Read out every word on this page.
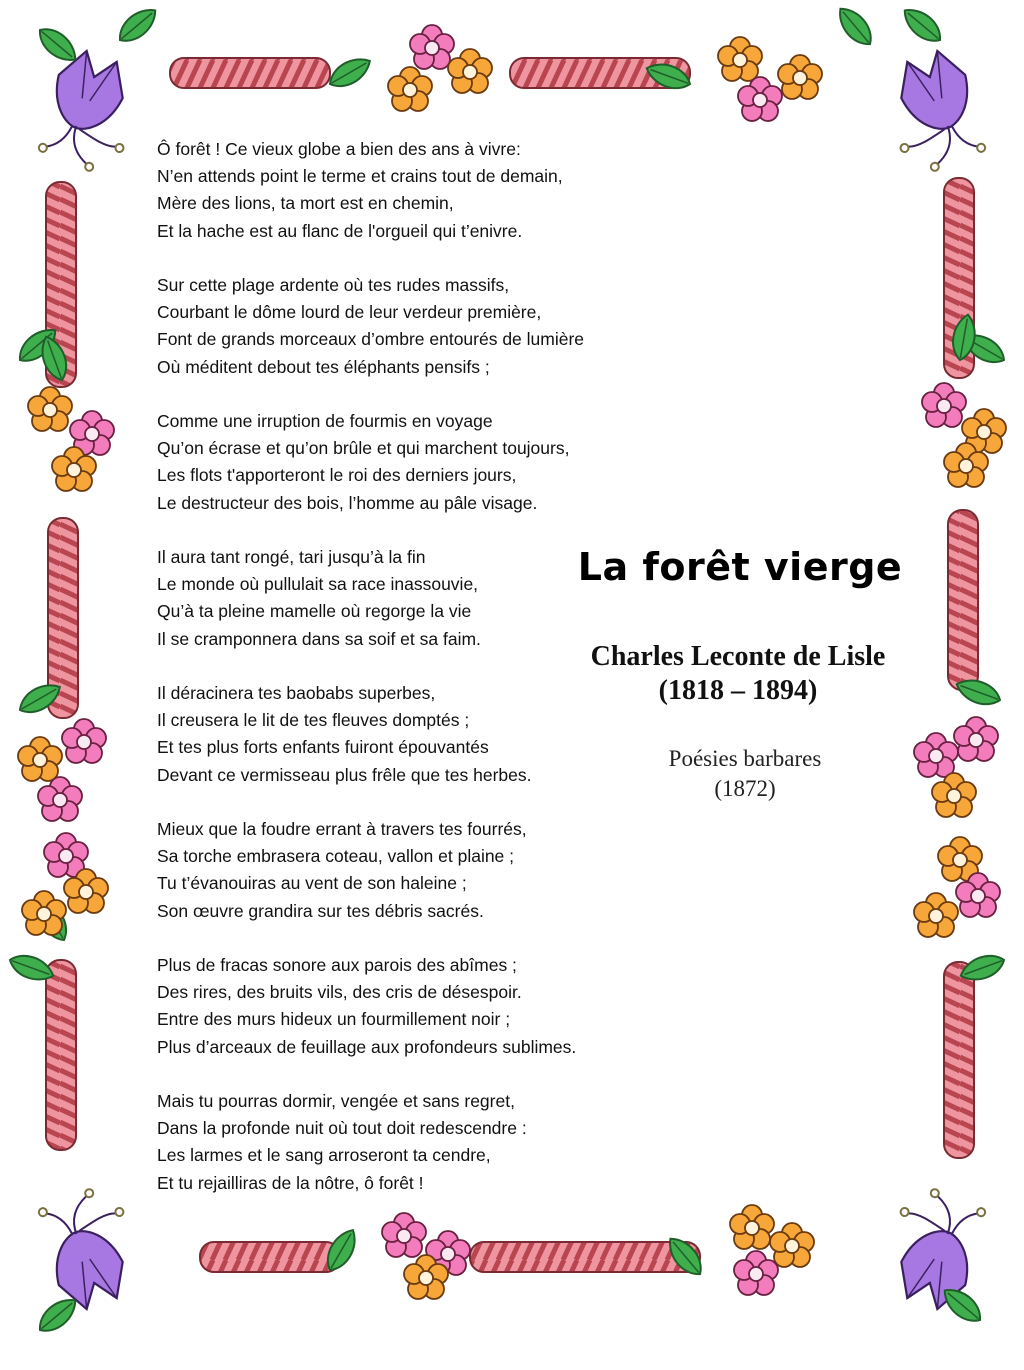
Ô forêt ! Ce vieux globe a bien des ans à vivre:
N’en attends point le terme et crains tout de demain,
Mère des lions, ta mort est en chemin,
Et la hache est au flanc de l'orgueil qui t’enivre.
Sur cette plage ardente où tes rudes massifs,
Courbant le dôme lourd de leur verdeur première,
Font de grands morceaux d’ombre entourés de lumière
Où méditent debout tes éléphants pensifs ;
Comme une irruption de fourmis en voyage
Qu’on écrase et qu’on brûle et qui marchent toujours,
Les flots t'apporteront le roi des derniers jours,
Le destructeur des bois, l’homme au pâle visage.
Il aura tant rongé, tari jusqu’à la fin
Le monde où pullulait sa race inassouvie,
Qu’à ta pleine mamelle où regorge la vie
Il se cramponnera dans sa soif et sa faim.
Il déracinera tes baobabs superbes,
Il creusera le lit de tes fleuves domptés ;
Et tes plus forts enfants fuiront épouvantés
Devant ce vermisseau plus frêle que tes herbes.
Mieux que la foudre errant à travers tes fourrés,
Sa torche embrasera coteau, vallon et plaine ;
Tu t’évanouiras au vent de son haleine ;
Son œuvre grandira sur tes débris sacrés.
Plus de fracas sonore aux parois des abîmes ;
Des rires, des bruits vils, des cris de désespoir.
Entre des murs hideux un fourmillement noir ;
Plus d’arceaux de feuillage aux profondeurs sublimes.
Mais tu pourras dormir, vengée et sans regret,
Dans la profonde nuit où tout doit redescendre :
Les larmes et le sang arroseront ta cendre,
Et tu rejailliras de la nôtre, ô forêt !
La forêt vierge
Charles Leconte de Lisle
(1818 – 1894)
Poésies barbares
(1872)
